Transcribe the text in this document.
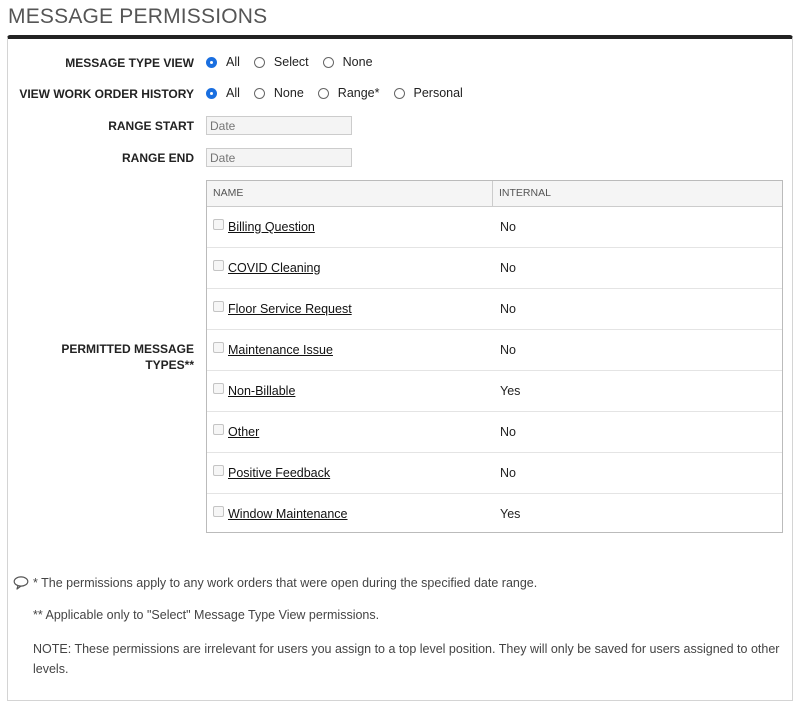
MESSAGE PERMISSIONS
MESSAGE TYPE VIEW	All	Select	None
VIEW WORK ORDER HISTORY	All	None	Range*	Personal
RANGE START
Date
RANGE END
Date
PERMITTED MESSAGE
TYPES**
NAME	INTERNAL
Billing Question	No
COVID Cleaning	No
Floor Service Request	No
Maintenance Issue	No
Non-Billable	Yes
Other	No
Positive Feedback	No
Window Maintenance	Yes
* The permissions apply to any work orders that were open during the specified date range.
** Applicable only to "Select" Message Type View permissions.
NOTE: These permissions are irrelevant for users you assign to a top level position. They will only be saved for users assigned to other
levels.
